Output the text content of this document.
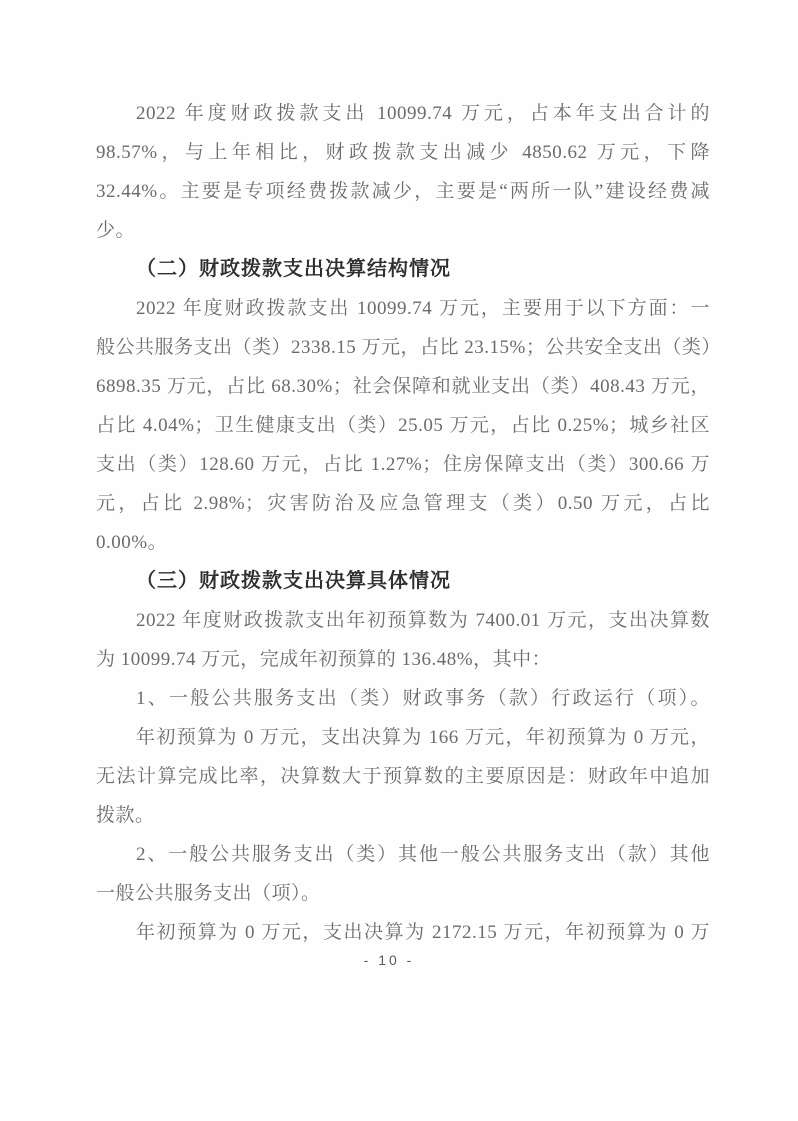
2022 年度财政拨款支出 10099.74 万元，占本年支出合计的
98.57%，与上年相比，财政拨款支出减少 4850.62 万元，下降
32.44%。主要是专项经费拨款减少，主要是“两所一队”建设经费减
少。
（二）财政拨款支出决算结构情况
2022 年度财政拨款支出 10099.74 万元，主要用于以下方面：一
般公共服务支出（类）2338.15 万元，占比 23.15%；公共安全支出（类）
6898.35 万元，占比 68.30%；社会保障和就业支出（类）408.43 万元，
占比 4.04%；卫生健康支出（类）25.05 万元，占比 0.25%；城乡社区
支出（类）128.60 万元，占比 1.27%；住房保障支出（类）300.66 万
元，占比 2.98%；灾害防治及应急管理支（类）0.50 万元，占比
0.00%。
（三）财政拨款支出决算具体情况
2022 年度财政拨款支出年初预算数为 7400.01 万元，支出决算数
为 10099.74 万元，完成年初预算的 136.48%，其中：
1、一般公共服务支出（类）财政事务（款）行政运行（项）。
年初预算为 0 万元，支出决算为 166 万元，年初预算为 0 万元，
无法计算完成比率，决算数大于预算数的主要原因是：财政年中追加
拨款。
2、一般公共服务支出（类）其他一般公共服务支出（款）其他
一般公共服务支出（项）。
年初预算为 0 万元，支出决算为 2172.15 万元，年初预算为 0 万
- 10 -
